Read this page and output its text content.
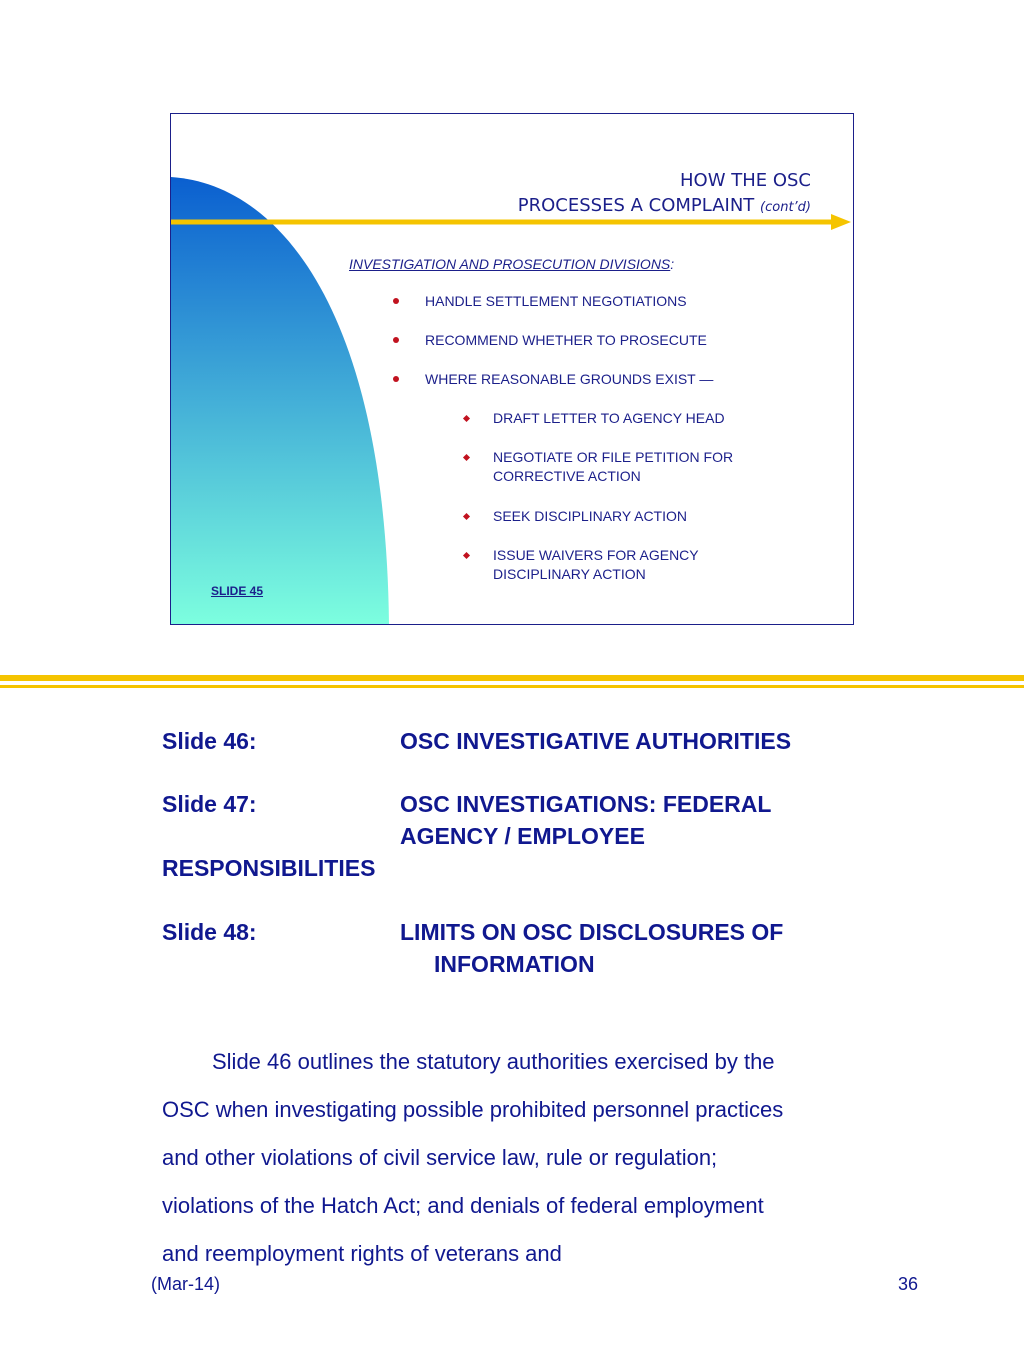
HOW THE OSC
PROCESSES A COMPLAINT (cont’d)
INVESTIGATION AND PROSECUTION DIVISIONS:
HANDLE SETTLEMENT NEGOTIATIONS
RECOMMEND WHETHER TO PROSECUTE
WHERE REASONABLE GROUNDS EXIST —
DRAFT LETTER TO AGENCY HEAD
NEGOTIATE OR FILE PETITION FOR
CORRECTIVE ACTION
SEEK DISCIPLINARY ACTION
ISSUE WAIVERS FOR AGENCY
DISCIPLINARY ACTION
SLIDE 45
Slide 46:	OSC INVESTIGATIVE AUTHORITIES
Slide 47:	OSC INVESTIGATIONS: FEDERAL
AGENCY / EMPLOYEE
RESPONSIBILITIES
Slide 48:	LIMITS ON OSC DISCLOSURES OF
INFORMATION
Slide 46 outlines the statutory authorities exercised by the
OSC when investigating possible prohibited personnel practices
and other violations of civil service law, rule or regulation;
violations of the Hatch Act; and denials of federal employment
and reemployment rights of veterans and
(Mar-14)	36
